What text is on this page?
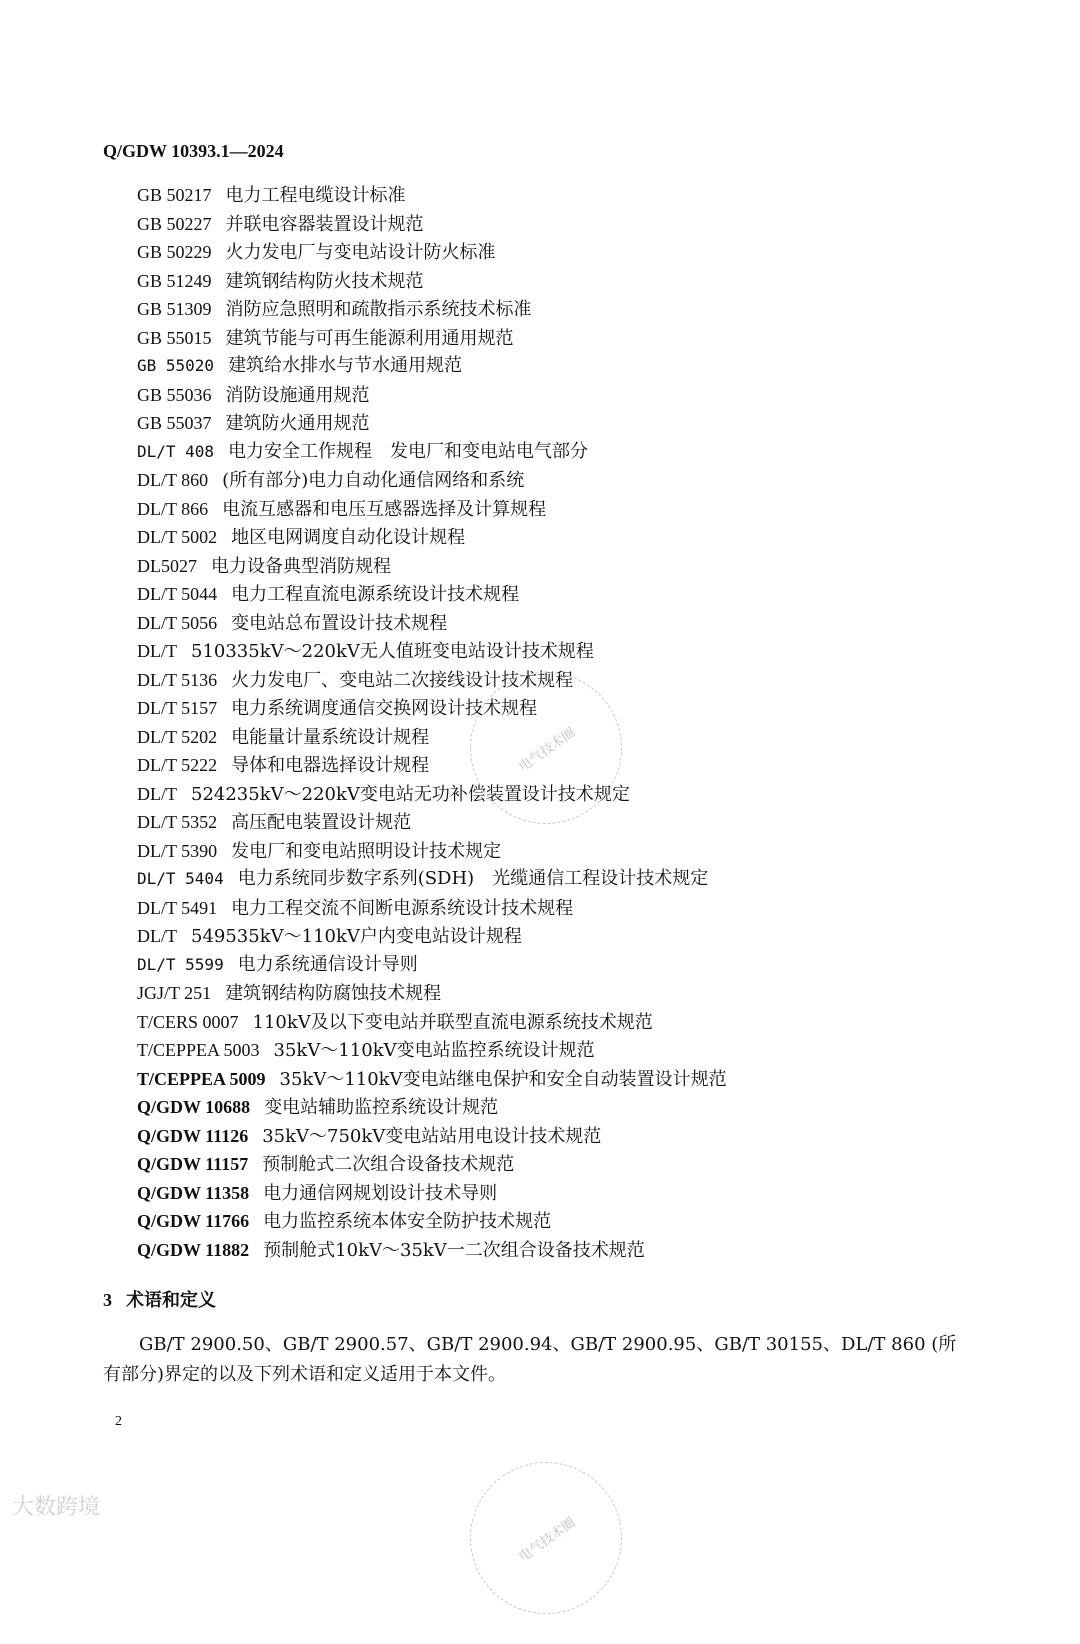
Q/GDW 10393.1—2024
GB 50217 电力工程电缆设计标准
GB 50227 并联电容器装置设计规范
GB 50229 火力发电厂与变电站设计防火标准
GB 51249 建筑钢结构防火技术规范
GB 51309 消防应急照明和疏散指示系统技术标准
GB 55015 建筑节能与可再生能源利用通用规范
GB 55020 建筑给水排水与节水通用规范
GB 55036 消防设施通用规范
GB 55037 建筑防火通用规范
DL/T 408 电力安全工作规程　发电厂和变电站电气部分
DL/T 860 (所有部分)电力自动化通信网络和系统
DL/T 866 电流互感器和电压互感器选择及计算规程
DL/T 5002 地区电网调度自动化设计规程
DL5027 电力设备典型消防规程
DL/T 5044 电力工程直流电源系统设计技术规程
DL/T 5056 变电站总布置设计技术规程
DL/T 510335kV～220kV无人值班变电站设计技术规程
DL/T 5136 火力发电厂、变电站二次接线设计技术规程
DL/T 5157 电力系统调度通信交换网设计技术规程
DL/T 5202 电能量计量系统设计规程
DL/T 5222 导体和电器选择设计规程
DL/T 524235kV～220kV变电站无功补偿装置设计技术规定
DL/T 5352 高压配电装置设计规范
DL/T 5390 发电厂和变电站照明设计技术规定
DL/T 5404 电力系统同步数字系列(SDH)　光缆通信工程设计技术规定
DL/T 5491 电力工程交流不间断电源系统设计技术规程
DL/T 549535kV～110kV户内变电站设计规程
DL/T 5599 电力系统通信设计导则
JGJ/T 251 建筑钢结构防腐蚀技术规程
T/CERS 0007 110kV及以下变电站并联型直流电源系统技术规范
T/CEPPEA 5003 35kV～110kV变电站监控系统设计规范
T/CEPPEA 5009 35kV～110kV变电站继电保护和安全自动装置设计规范
Q/GDW 10688 变电站辅助监控系统设计规范
Q/GDW 11126 35kV～750kV变电站站用电设计技术规范
Q/GDW 11157 预制舱式二次组合设备技术规范
Q/GDW 11358 电力通信网规划设计技术导则
Q/GDW 11766 电力监控系统本体安全防护技术规范
Q/GDW 11882 预制舱式10kV～35kV一二次组合设备技术规范
3 术语和定义
GB/T 2900.50、GB/T 2900.57、GB/T 2900.94、GB/T 2900.95、GB/T 30155、DL/T 860 (所有部分)界定的以及下列术语和定义适用于本文件。
2
电气技术圈
电气技术圈
大数跨境
